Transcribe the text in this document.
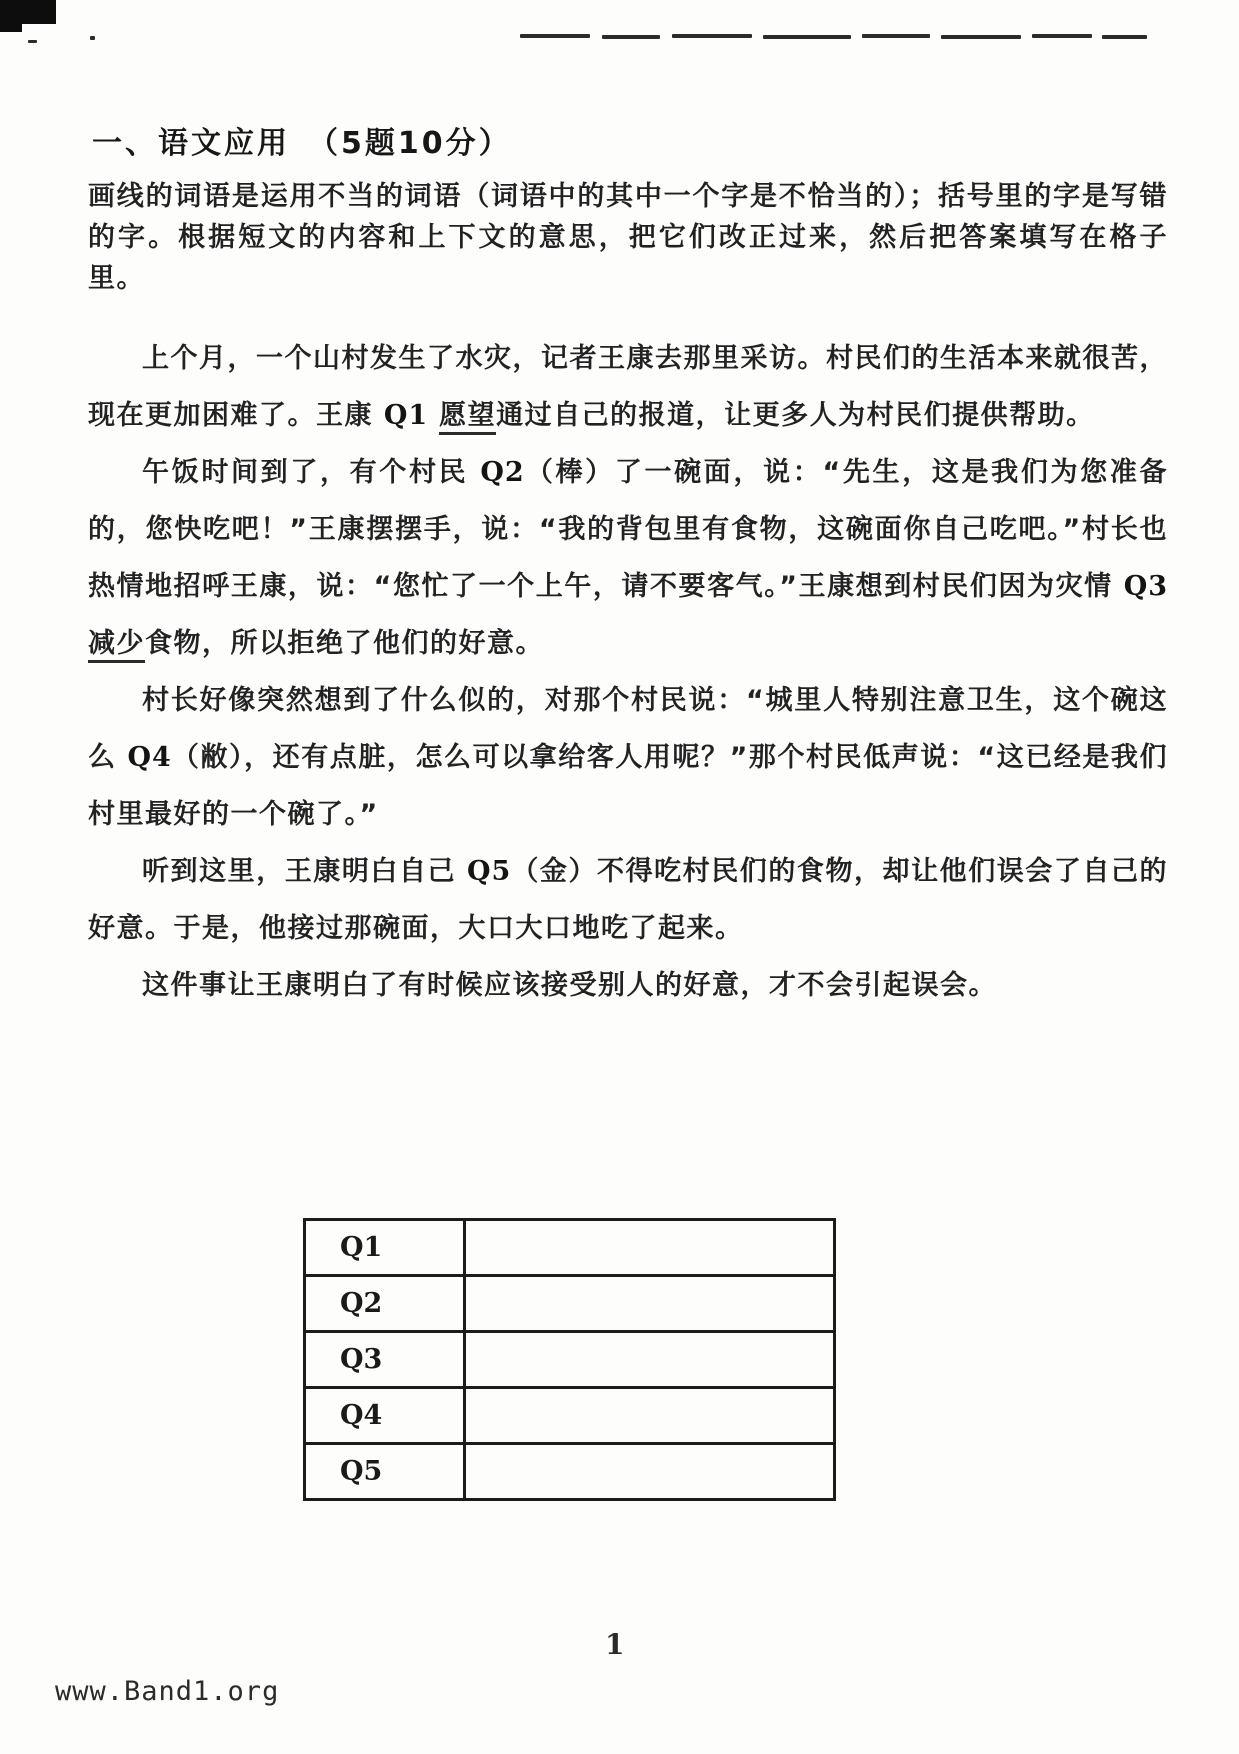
一、语文应用　（5题10分）

画线的词语是运用不当的词语（词语中的其中一个字是不恰当的）；括号里的字是写错的字。根据短文的内容和上下文的意思，把它们改正过来，然后把答案填写在格子里。

上个月，一个山村发生了水灾，记者王康去那里采访。村民们的生活本来就很苦，现在更加困难了。王康 Q1 愿望通过自己的报道，让更多人为村民们提供帮助。

午饭时间到了，有个村民 Q2（棒）了一碗面，说：“先生，这是我们为您准备的，您快吃吧！”王康摆摆手，说：“我的背包里有食物，这碗面你自己吃吧。”村长也热情地招呼王康，说：“您忙了一个上午，请不要客气。”王康想到村民们因为灾情 Q3 减少食物，所以拒绝了他们的好意。

村长好像突然想到了什么似的，对那个村民说：“城里人特别注意卫生，这个碗这么 Q4（敝），还有点脏，怎么可以拿给客人用呢？”那个村民低声说：“这已经是我们村里最好的一个碗了。”

听到这里，王康明白自己 Q5（金）不得吃村民们的食物，却让他们误会了自己的好意。于是，他接过那碗面，大口大口地吃了起来。

这件事让王康明白了有时候应该接受别人的好意，才不会引起误会。

Q1	
Q2	
Q3	
Q4	
Q5	
1
www.Band1.org
